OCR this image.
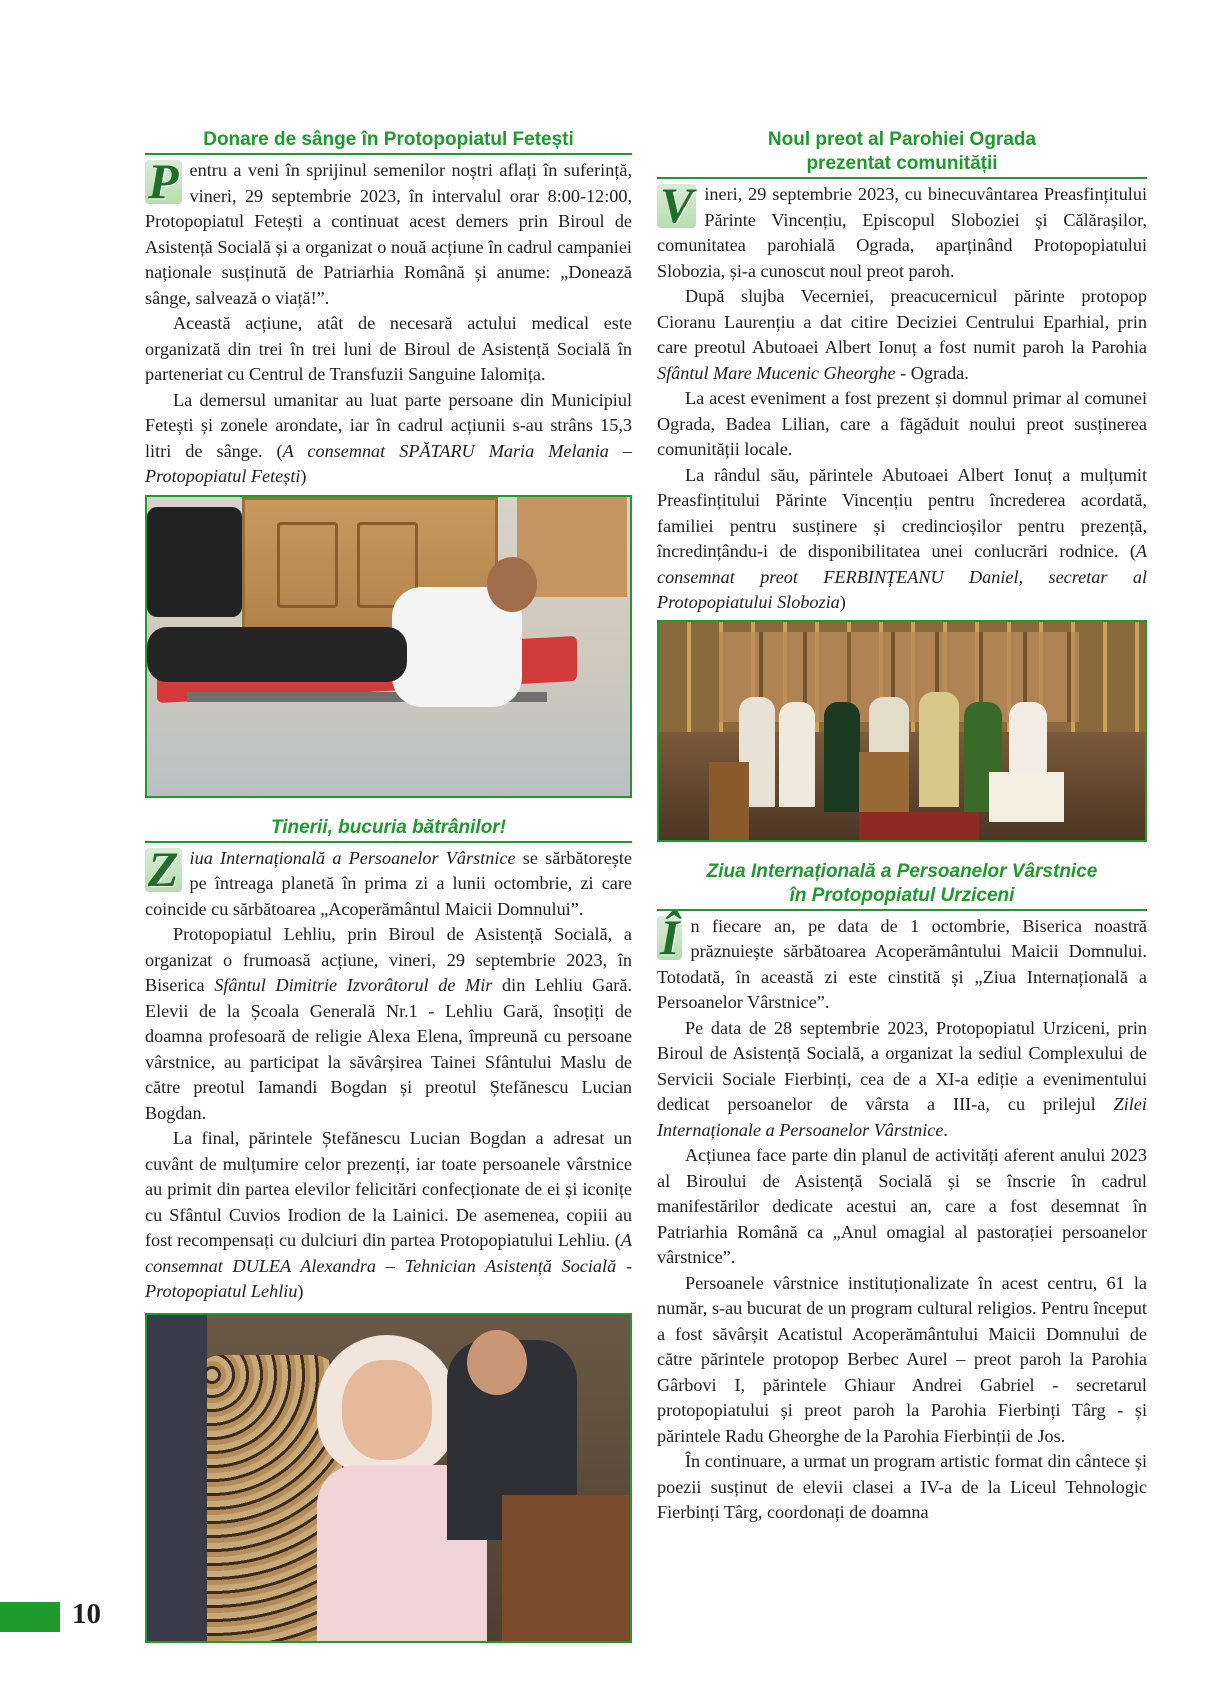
Donare de sânge în Protopopiatul Fetești

P entru a veni în sprijinul semenilor noștri aflați în suferință, vineri, 29 septembrie 2023, în intervalul orar 8:00-12:00, Protopopiatul Fetești a continuat acest demers prin Biroul de Asistență Socială și a organizat o nouă acțiune în cadrul campaniei naționale susținută de Patriarhia Română și anume: „Donează sânge, salvează o viață!”.

Această acțiune, atât de necesară actului medical este organizată din trei în trei luni de Biroul de Asistență Socială în parteneriat cu Centrul de Transfuzii Sanguine Ialomița.

La demersul umanitar au luat parte persoane din Municipiul Fetești și zonele arondate, iar în cadrul acțiunii s-au strâns 15,3 litri de sânge. (A consemnat SPĂTARU Maria Melania – Protopopiatul Fetești)

Tinerii, bucuria bătrânilor!

Z iua Internațională a Persoanelor Vârstnice se sărbătorește pe întreaga planetă în prima zi a lunii octombrie, zi care coincide cu sărbătoarea „Acoperământul Maicii Domnului”.

Protopopiatul Lehliu, prin Biroul de Asistență Socială, a organizat o frumoasă acțiune, vineri, 29 septembrie 2023, în Biserica Sfântul Dimitrie Izvorâtorul de Mir din Lehliu Gară. Elevii de la Școala Generală Nr.1 - Lehliu Gară, însoțiți de doamna profesoară de religie Alexa Elena, împreună cu persoane vârstnice, au participat la săvârșirea Tainei Sfântului Maslu de către preotul Iamandi Bogdan și preotul Ștefănescu Lucian Bogdan.

La final, părintele Ștefănescu Lucian Bogdan a adresat un cuvânt de mulțumire celor prezenți, iar toate persoanele vârstnice au primit din partea elevilor felicitări confecționate de ei și iconițe cu Sfântul Cuvios Irodion de la Lainici. De asemenea, copiii au fost recompensați cu dulciuri din partea Protopopiatului Lehliu. (A consemnat DULEA Alexandra – Tehnician Asistență Socială - Protopopiatul Lehliu)

Noul preot al Parohiei Ograda
prezentat comunității

V ineri, 29 septembrie 2023, cu binecuvântarea Preasfințitului Părinte Vincențiu, Episcopul Sloboziei și Călărașilor, comunitatea parohială Ograda, aparținând Protopopiatului Slobozia, și-a cunoscut noul preot paroh.

După slujba Vecerniei, preacucernicul părinte protopop Cioranu Laurențiu a dat citire Deciziei Centrului Eparhial, prin care preotul Abutoaei Albert Ionuț a fost numit paroh la Parohia Sfântul Mare Mucenic Gheorghe - Ograda.

La acest eveniment a fost prezent și domnul primar al comunei Ograda, Badea Lilian, care a făgăduit noului preot susținerea comunității locale.

La rândul său, părintele Abutoaei Albert Ionuț a mulțumit Preasfințitului Părinte Vincențiu pentru încrederea acordată, familiei pentru susținere și credincioșilor pentru prezență, încredințându-i de disponibilitatea unei conlucrări rodnice. (A consemnat preot FERBINȚEANU Daniel, secretar al Protopopiatului Slobozia)

Ziua Internațională a Persoanelor Vârstnice
în Protopopiatul Urziceni

Î n fiecare an, pe data de 1 octombrie, Biserica noastră prăznuiește sărbătoarea Acoperământului Maicii Domnului. Totodată, în această zi este cinstită și „Ziua Internațională a Persoanelor Vârstnice”.

Pe data de 28 septembrie 2023, Protopopiatul Urziceni, prin Biroul de Asistență Socială, a organizat la sediul Complexului de Servicii Sociale Fierbinți, cea de a XI-a ediție a evenimentului dedicat persoanelor de vârsta a III-a, cu prilejul Zilei Internaționale a Persoanelor Vârstnice.

Acțiunea face parte din planul de activități aferent anului 2023 al Biroului de Asistență Socială și se înscrie în cadrul manifestărilor dedicate acestui an, care a fost desemnat în Patriarhia Română ca „Anul omagial al pastorației persoanelor vârstnice”.

Persoanele vârstnice instituționalizate în acest centru, 61 la număr, s-au bucurat de un program cultural religios. Pentru început a fost săvârșit Acatistul Acoperământului Maicii Domnului de către părintele protopop Berbec Aurel – preot paroh la Parohia Gârbovi I, părintele Ghiaur Andrei Gabriel - secretarul protopopiatului și preot paroh la Parohia Fierbinți Târg - și părintele Radu Gheorghe de la Parohia Fierbinții de Jos.

În continuare, a urmat un program artistic format din cântece și poezii susținut de elevii clasei a IV-a de la Liceul Tehnologic Fierbinți Târg, coordonați de doamna

10
